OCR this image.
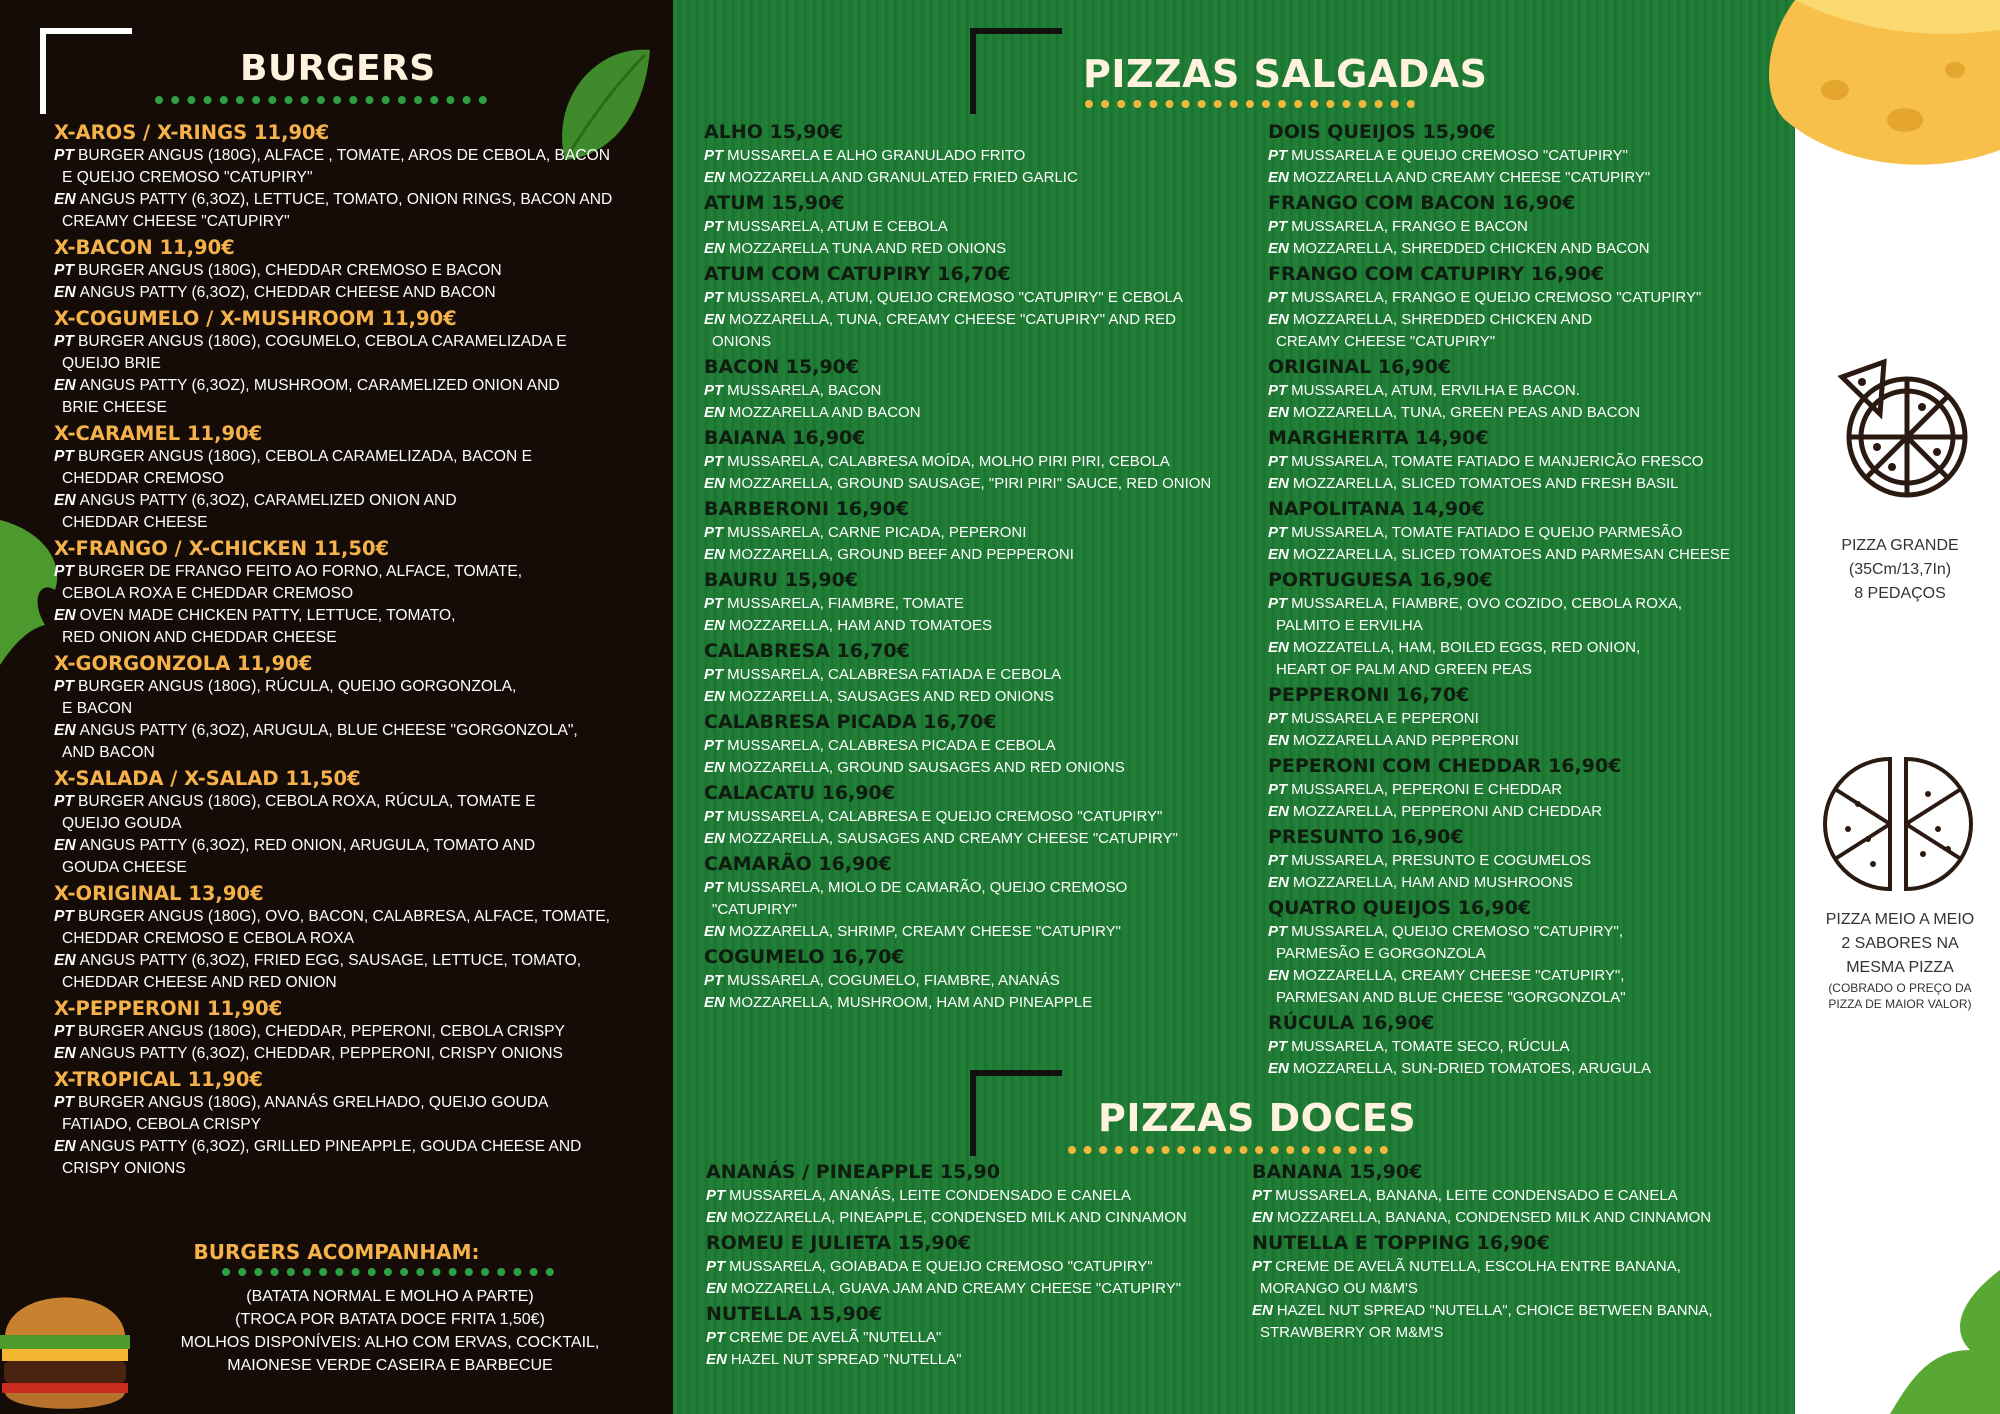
BURGERS	PIZZAS SALGADAS
PIZZAS DOCES
X-AROS / X-RINGS 11,90€
PT BURGER ANGUS (180G), ALFACE , TOMATE, AROS DE CEBOLA, BACON
E QUEIJO CREMOSO "CATUPIRY"
EN ANGUS PATTY (6,3OZ), LETTUCE, TOMATO, ONION RINGS, BACON AND
CREAMY CHEESE "CATUPIRY"
X-BACON 11,90€
PT BURGER ANGUS (180G), CHEDDAR CREMOSO E BACON
EN ANGUS PATTY (6,3OZ), CHEDDAR CHEESE AND BACON
X-COGUMELO / X-MUSHROOM 11,90€
PT BURGER ANGUS (180G), COGUMELO, CEBOLA CARAMELIZADA E
QUEIJO BRIE
EN ANGUS PATTY (6,3OZ), MUSHROOM, CARAMELIZED ONION AND
BRIE CHEESE
X-CARAMEL 11,90€
PT BURGER ANGUS (180G), CEBOLA CARAMELIZADA, BACON E
CHEDDAR CREMOSO
EN ANGUS PATTY (6,3OZ), CARAMELIZED ONION AND
CHEDDAR CHEESE
X-FRANGO / X-CHICKEN 11,50€
PT BURGER DE FRANGO FEITO AO FORNO, ALFACE, TOMATE,
CEBOLA ROXA E CHEDDAR CREMOSO
EN OVEN MADE CHICKEN PATTY, LETTUCE, TOMATO,
RED ONION AND CHEDDAR CHEESE
X-GORGONZOLA 11,90€
PT BURGER ANGUS (180G), RÚCULA, QUEIJO GORGONZOLA,
E BACON
EN ANGUS PATTY (6,3OZ), ARUGULA, BLUE CHEESE "GORGONZOLA",
AND BACON
X-SALADA / X-SALAD 11,50€
PT BURGER ANGUS (180G), CEBOLA ROXA, RÚCULA, TOMATE E
QUEIJO GOUDA
EN ANGUS PATTY (6,3OZ), RED ONION, ARUGULA, TOMATO AND
GOUDA CHEESE
X-ORIGINAL 13,90€
PT BURGER ANGUS (180G), OVO, BACON, CALABRESA, ALFACE, TOMATE,
CHEDDAR CREMOSO E CEBOLA ROXA
EN ANGUS PATTY (6,3OZ), FRIED EGG, SAUSAGE, LETTUCE, TOMATO,
CHEDDAR CHEESE AND RED ONION
X-PEPPERONI 11,90€
PT BURGER ANGUS (180G), CHEDDAR, PEPERONI, CEBOLA CRISPY
EN ANGUS PATTY (6,3OZ), CHEDDAR, PEPPERONI, CRISPY ONIONS
X-TROPICAL 11,90€
PT BURGER ANGUS (180G), ANANÁS GRELHADO, QUEIJO GOUDA
FATIADO, CEBOLA CRISPY
EN ANGUS PATTY (6,3OZ), GRILLED PINEAPPLE, GOUDA CHEESE AND
CRISPY ONIONS
ALHO 15,90€
PT MUSSARELA E ALHO GRANULADO FRITO
EN MOZZARELLA AND GRANULATED FRIED GARLIC
ATUM 15,90€
PT MUSSARELA, ATUM E CEBOLA
EN MOZZARELLA TUNA AND RED ONIONS
ATUM COM CATUPIRY 16,70€
PT MUSSARELA, ATUM, QUEIJO CREMOSO "CATUPIRY" E CEBOLA
EN MOZZARELLA, TUNA, CREAMY CHEESE "CATUPIRY" AND RED
ONIONS
BACON 15,90€
PT MUSSARELA, BACON
EN MOZZARELLA AND BACON
BAIANA 16,90€
PT MUSSARELA, CALABRESA MOÍDA, MOLHO PIRI PIRI, CEBOLA
EN MOZZARELLA, GROUND SAUSAGE, "PIRI PIRI" SAUCE, RED ONION
BARBERONI 16,90€
PT MUSSARELA, CARNE PICADA, PEPERONI
EN MOZZARELLA, GROUND BEEF AND PEPPERONI
BAURU 15,90€
PT MUSSARELA, FIAMBRE, TOMATE
EN MOZZARELLA, HAM AND TOMATOES
CALABRESA 16,70€
PT MUSSARELA, CALABRESA FATIADA E CEBOLA
EN MOZZARELLA, SAUSAGES AND RED ONIONS
CALABRESA PICADA 16,70€
PT MUSSARELA, CALABRESA PICADA E CEBOLA
EN MOZZARELLA, GROUND SAUSAGES AND RED ONIONS
CALACATU 16,90€
PT MUSSARELA, CALABRESA E QUEIJO CREMOSO "CATUPIRY"
EN MOZZARELLA, SAUSAGES AND CREAMY CHEESE "CATUPIRY"
CAMARÃO 16,90€
PT MUSSARELA, MIOLO DE CAMARÃO, QUEIJO CREMOSO
"CATUPIRY"
EN MOZZARELLA, SHRIMP, CREAMY CHEESE "CATUPIRY"
COGUMELO 16,70€
PT MUSSARELA, COGUMELO, FIAMBRE, ANANÁS
EN MOZZARELLA, MUSHROOM, HAM AND PINEAPPLE
DOIS QUEIJOS 15,90€
PT MUSSARELA E QUEIJO CREMOSO "CATUPIRY"
EN MOZZARELLA AND CREAMY CHEESE "CATUPIRY"
FRANGO COM BACON 16,90€
PT MUSSARELA, FRANGO E BACON
EN MOZZARELLA, SHREDDED CHICKEN AND BACON
FRANGO COM CATUPIRY 16,90€
PT MUSSARELA, FRANGO E QUEIJO CREMOSO "CATUPIRY"
EN MOZZARELLA, SHREDDED CHICKEN AND
CREAMY CHEESE "CATUPIRY"
ORIGINAL 16,90€
PT MUSSARELA, ATUM, ERVILHA E BACON.
EN MOZZARELLA, TUNA, GREEN PEAS AND BACON
MARGHERITA 14,90€
PT MUSSARELA, TOMATE FATIADO E MANJERICÃO FRESCO
EN MOZZARELLA, SLICED TOMATOES AND FRESH BASIL
NAPOLITANA 14,90€
PT MUSSARELA, TOMATE FATIADO E QUEIJO PARMESÃO
EN MOZZARELLA, SLICED TOMATOES AND PARMESAN CHEESE
PORTUGUESA 16,90€
PT MUSSARELA, FIAMBRE, OVO COZIDO, CEBOLA ROXA,
PALMITO E ERVILHA
EN MOZZATELLA, HAM, BOILED EGGS, RED ONION,
HEART OF PALM AND GREEN PEAS
PEPPERONI 16,70€
PT MUSSARELA E PEPERONI
EN MOZZARELLA AND PEPPERONI
PEPERONI COM CHEDDAR 16,90€
PT MUSSARELA, PEPERONI E CHEDDAR
EN MOZZARELLA, PEPPERONI AND CHEDDAR
PRESUNTO 16,90€
PT MUSSARELA, PRESUNTO E COGUMELOS
EN MOZZARELLA, HAM AND MUSHROONS
QUATRO QUEIJOS 16,90€
PT MUSSARELA, QUEIJO CREMOSO "CATUPIRY",
PARMESÃO E GORGONZOLA
EN MOZZARELLA, CREAMY CHEESE "CATUPIRY",
PARMESAN AND BLUE CHEESE "GORGONZOLA"
RÚCULA 16,90€
PT MUSSARELA, TOMATE SECO, RÚCULA
EN MOZZARELLA, SUN-DRIED TOMATOES, ARUGULA
ANANÁS / PINEAPPLE 15,90
PT MUSSARELA, ANANÁS, LEITE CONDENSADO E CANELA
EN MOZZARELLA, PINEAPPLE, CONDENSED MILK AND CINNAMON
ROMEU E JULIETA 15,90€
PT MUSSARELA, GOIABADA E QUEIJO CREMOSO "CATUPIRY"
EN MOZZARELLA, GUAVA JAM AND CREAMY CHEESE "CATUPIRY"
NUTELLA 15,90€
PT CREME DE AVELÃ "NUTELLA"
EN HAZEL NUT SPREAD "NUTELLA"
BANANA 15,90€
PT MUSSARELA, BANANA, LEITE CONDENSADO E CANELA
EN MOZZARELLA, BANANA, CONDENSED MILK AND CINNAMON
NUTELLA E TOPPING 16,90€
PT CREME DE AVELÃ NUTELLA, ESCOLHA ENTRE BANANA,
MORANGO OU M&M'S
EN HAZEL NUT SPREAD "NUTELLA", CHOICE BETWEEN BANNA,
STRAWBERRY OR M&M'S
BURGERS ACOMPANHAM:
(BATATA NORMAL E MOLHO A PARTE)
(TROCA POR BATATA DOCE FRITA 1,50€)
MOLHOS DISPONÍVEIS: ALHO COM ERVAS, COCKTAIL,
MAIONESE VERDE CASEIRA E BARBECUE
PIZZA GRANDE
(35Cm/13,7In)
8 PEDAÇOS
PIZZA MEIO A MEIO
2 SABORES NA
MESMA PIZZA
(COBRADO O PREÇO DA
PIZZA DE MAIOR VALOR)
